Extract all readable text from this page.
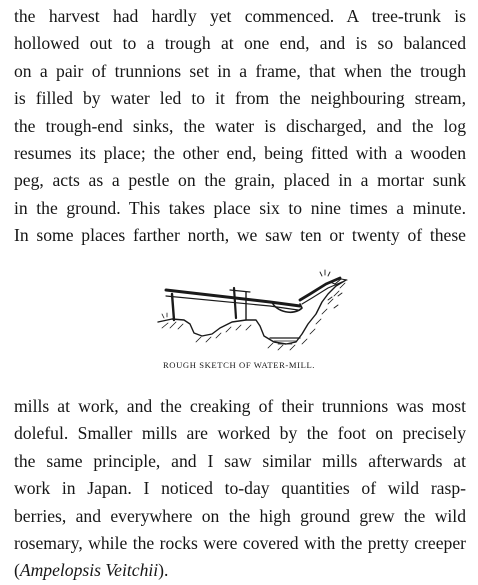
the harvest had hardly yet commenced. A tree-trunk is
hollowed out to a trough at one end, and is so balanced
on a pair of trunnions set in a frame, that when the trough
is filled by water led to it from the neighbouring stream,
the trough-end sinks, the water is discharged, and the log
resumes its place; the other end, being fitted with a wooden
peg, acts as a pestle on the grain, placed in a mortar sunk
in the ground. This takes place six to nine times a minute.
In some places farther north, we saw ten or twenty of these

ROUGH SKETCH OF WATER-MILL.

mills at work, and the creaking of their trunnions was most
doleful. Smaller mills are worked by the foot on precisely
the same principle, and I saw similar mills afterwards at
work in Japan. I noticed to-day quantities of wild rasp-
berries, and everywhere on the high ground grew the wild
rosemary, while the rocks were covered with the pretty creeper
(Ampelopsis Veitchii).
